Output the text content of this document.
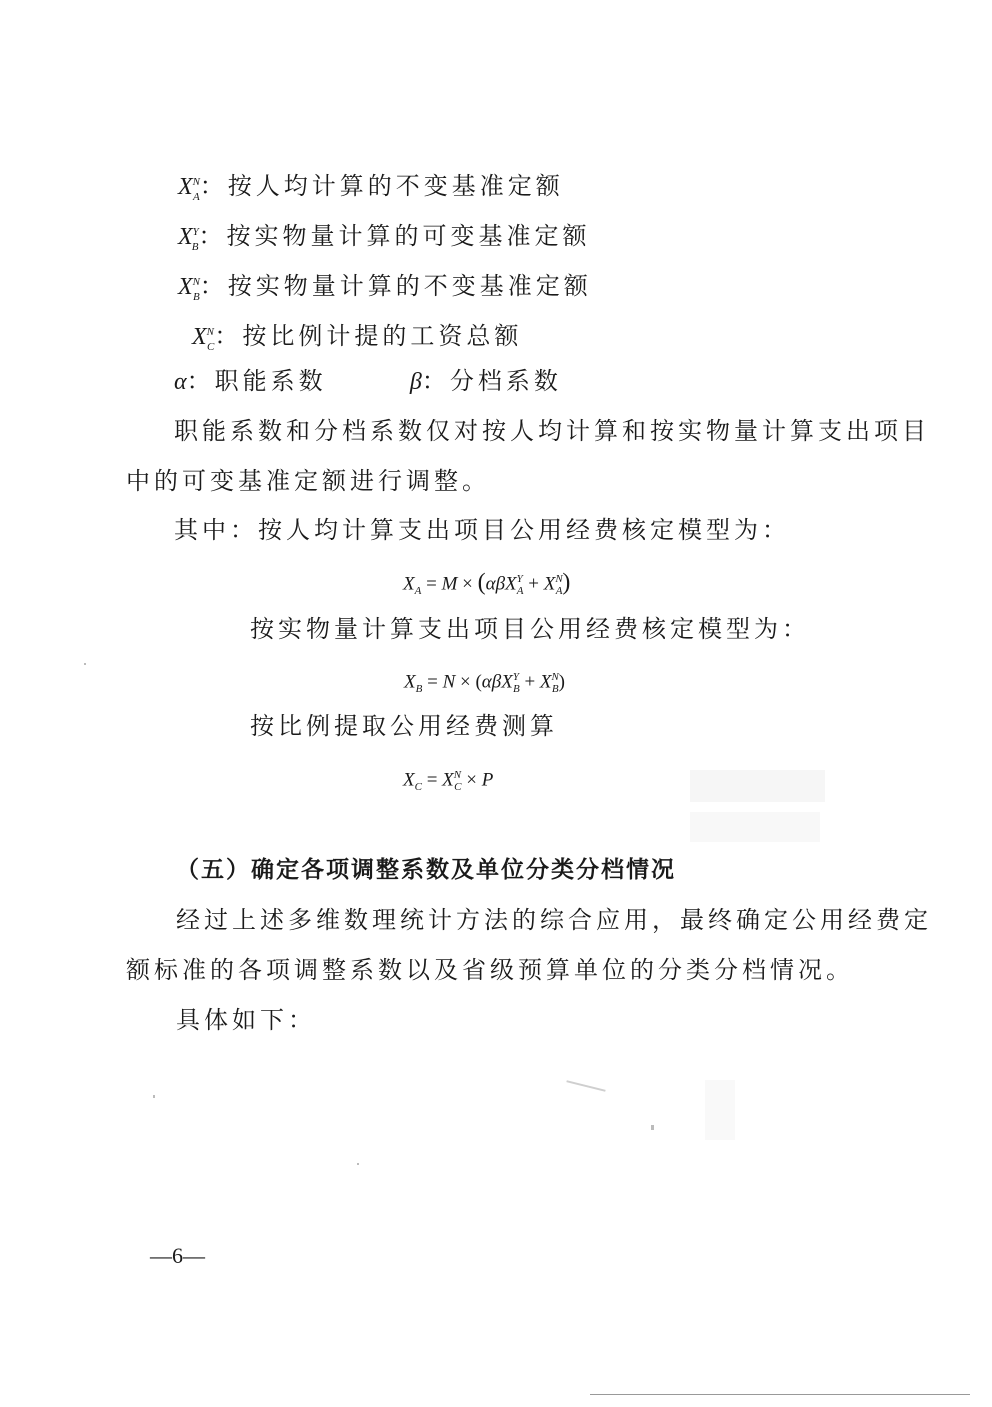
$X^N_A$：按人均计算的不变基准定额
$X^Y_B$：按实物量计算的可变基准定额
$X^N_B$：按实物量计算的不变基准定额
$X^N_C$：按比例计提的工资总额
α：职能系数	β：分档系数
职能系数和分档系数仅对按人均计算和按实物量计算支出项目
中的可变基准定额进行调整。
其中：按人均计算支出项目公用经费核定模型为：
$X_A = M \times (\alpha\beta X^Y_A + X^N_A)$
按实物量计算支出项目公用经费核定模型为：
$X_B = N \times (\alpha\beta X^Y_B + X^N_B)$
按比例提取公用经费测算
$X_C = X^N_C \times P$
（五）确定各项调整系数及单位分类分档情况
经过上述多维数理统计方法的综合应用，最终确定公用经费定
额标准的各项调整系数以及省级预算单位的分类分档情况。
具体如下：
—6—
